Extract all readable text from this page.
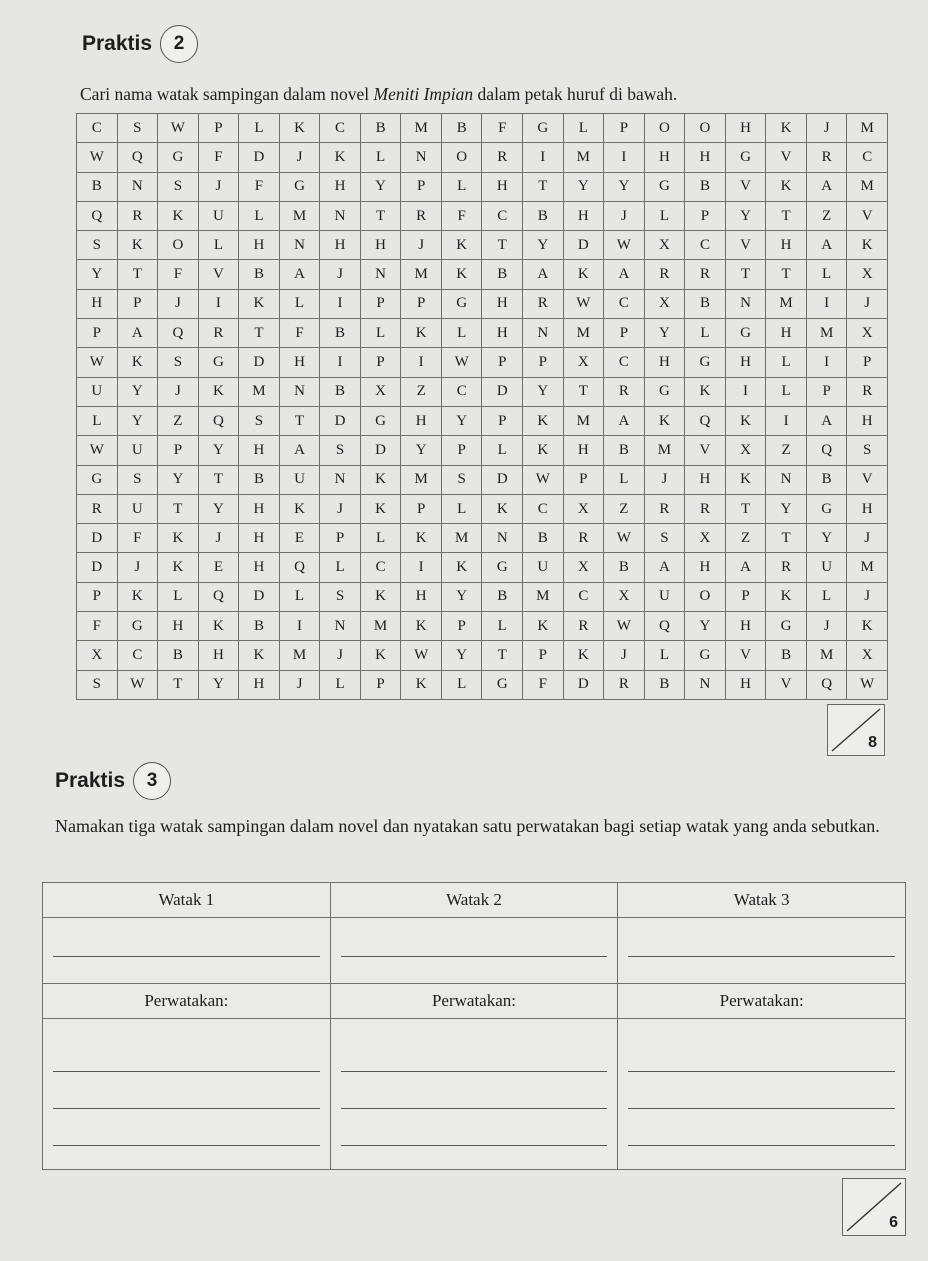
Praktis	2
Cari nama watak sampingan dalam novel Meniti Impian dalam petak huruf di bawah.
C	S	W	P	L	K	C	B	M	B	F	G	L	P	O	O	H	K	J	M
W	Q	G	F	D	J	K	L	N	O	R	I	M	I	H	H	G	V	R	C
B	N	S	J	F	G	H	Y	P	L	H	T	Y	Y	G	B	V	K	A	M
Q	R	K	U	L	M	N	T	R	F	C	B	H	J	L	P	Y	T	Z	V
S	K	O	L	H	N	H	H	J	K	T	Y	D	W	X	C	V	H	A	K
Y	T	F	V	B	A	J	N	M	K	B	A	K	A	R	R	T	T	L	X
H	P	J	I	K	L	I	P	P	G	H	R	W	C	X	B	N	M	I	J
P	A	Q	R	T	F	B	L	K	L	H	N	M	P	Y	L	G	H	M	X
W	K	S	G	D	H	I	P	I	W	P	P	X	C	H	G	H	L	I	P
U	Y	J	K	M	N	B	X	Z	C	D	Y	T	R	G	K	I	L	P	R
L	Y	Z	Q	S	T	D	G	H	Y	P	K	M	A	K	Q	K	I	A	H
W	U	P	Y	H	A	S	D	Y	P	L	K	H	B	M	V	X	Z	Q	S
G	S	Y	T	B	U	N	K	M	S	D	W	P	L	J	H	K	N	B	V
R	U	T	Y	H	K	J	K	P	L	K	C	X	Z	R	R	T	Y	G	H
D	F	K	J	H	E	P	L	K	M	N	B	R	W	S	X	Z	T	Y	J
D	J	K	E	H	Q	L	C	I	K	G	U	X	B	A	H	A	R	U	M
P	K	L	Q	D	L	S	K	H	Y	B	M	C	X	U	O	P	K	L	J
F	G	H	K	B	I	N	M	K	P	L	K	R	W	Q	Y	H	G	J	K
X	C	B	H	K	M	J	K	W	Y	T	P	K	J	L	G	V	B	M	X
S	W	T	Y	H	J	L	P	K	L	G	F	D	R	B	N	H	V	Q	W
8
Praktis	3
Namakan tiga watak sampingan dalam novel dan nyatakan satu perwatakan bagi setiap watak yang anda sebutkan.
Watak 1	Watak 2	Watak 3

Perwatakan:	Perwatakan:	Perwatakan:

6
